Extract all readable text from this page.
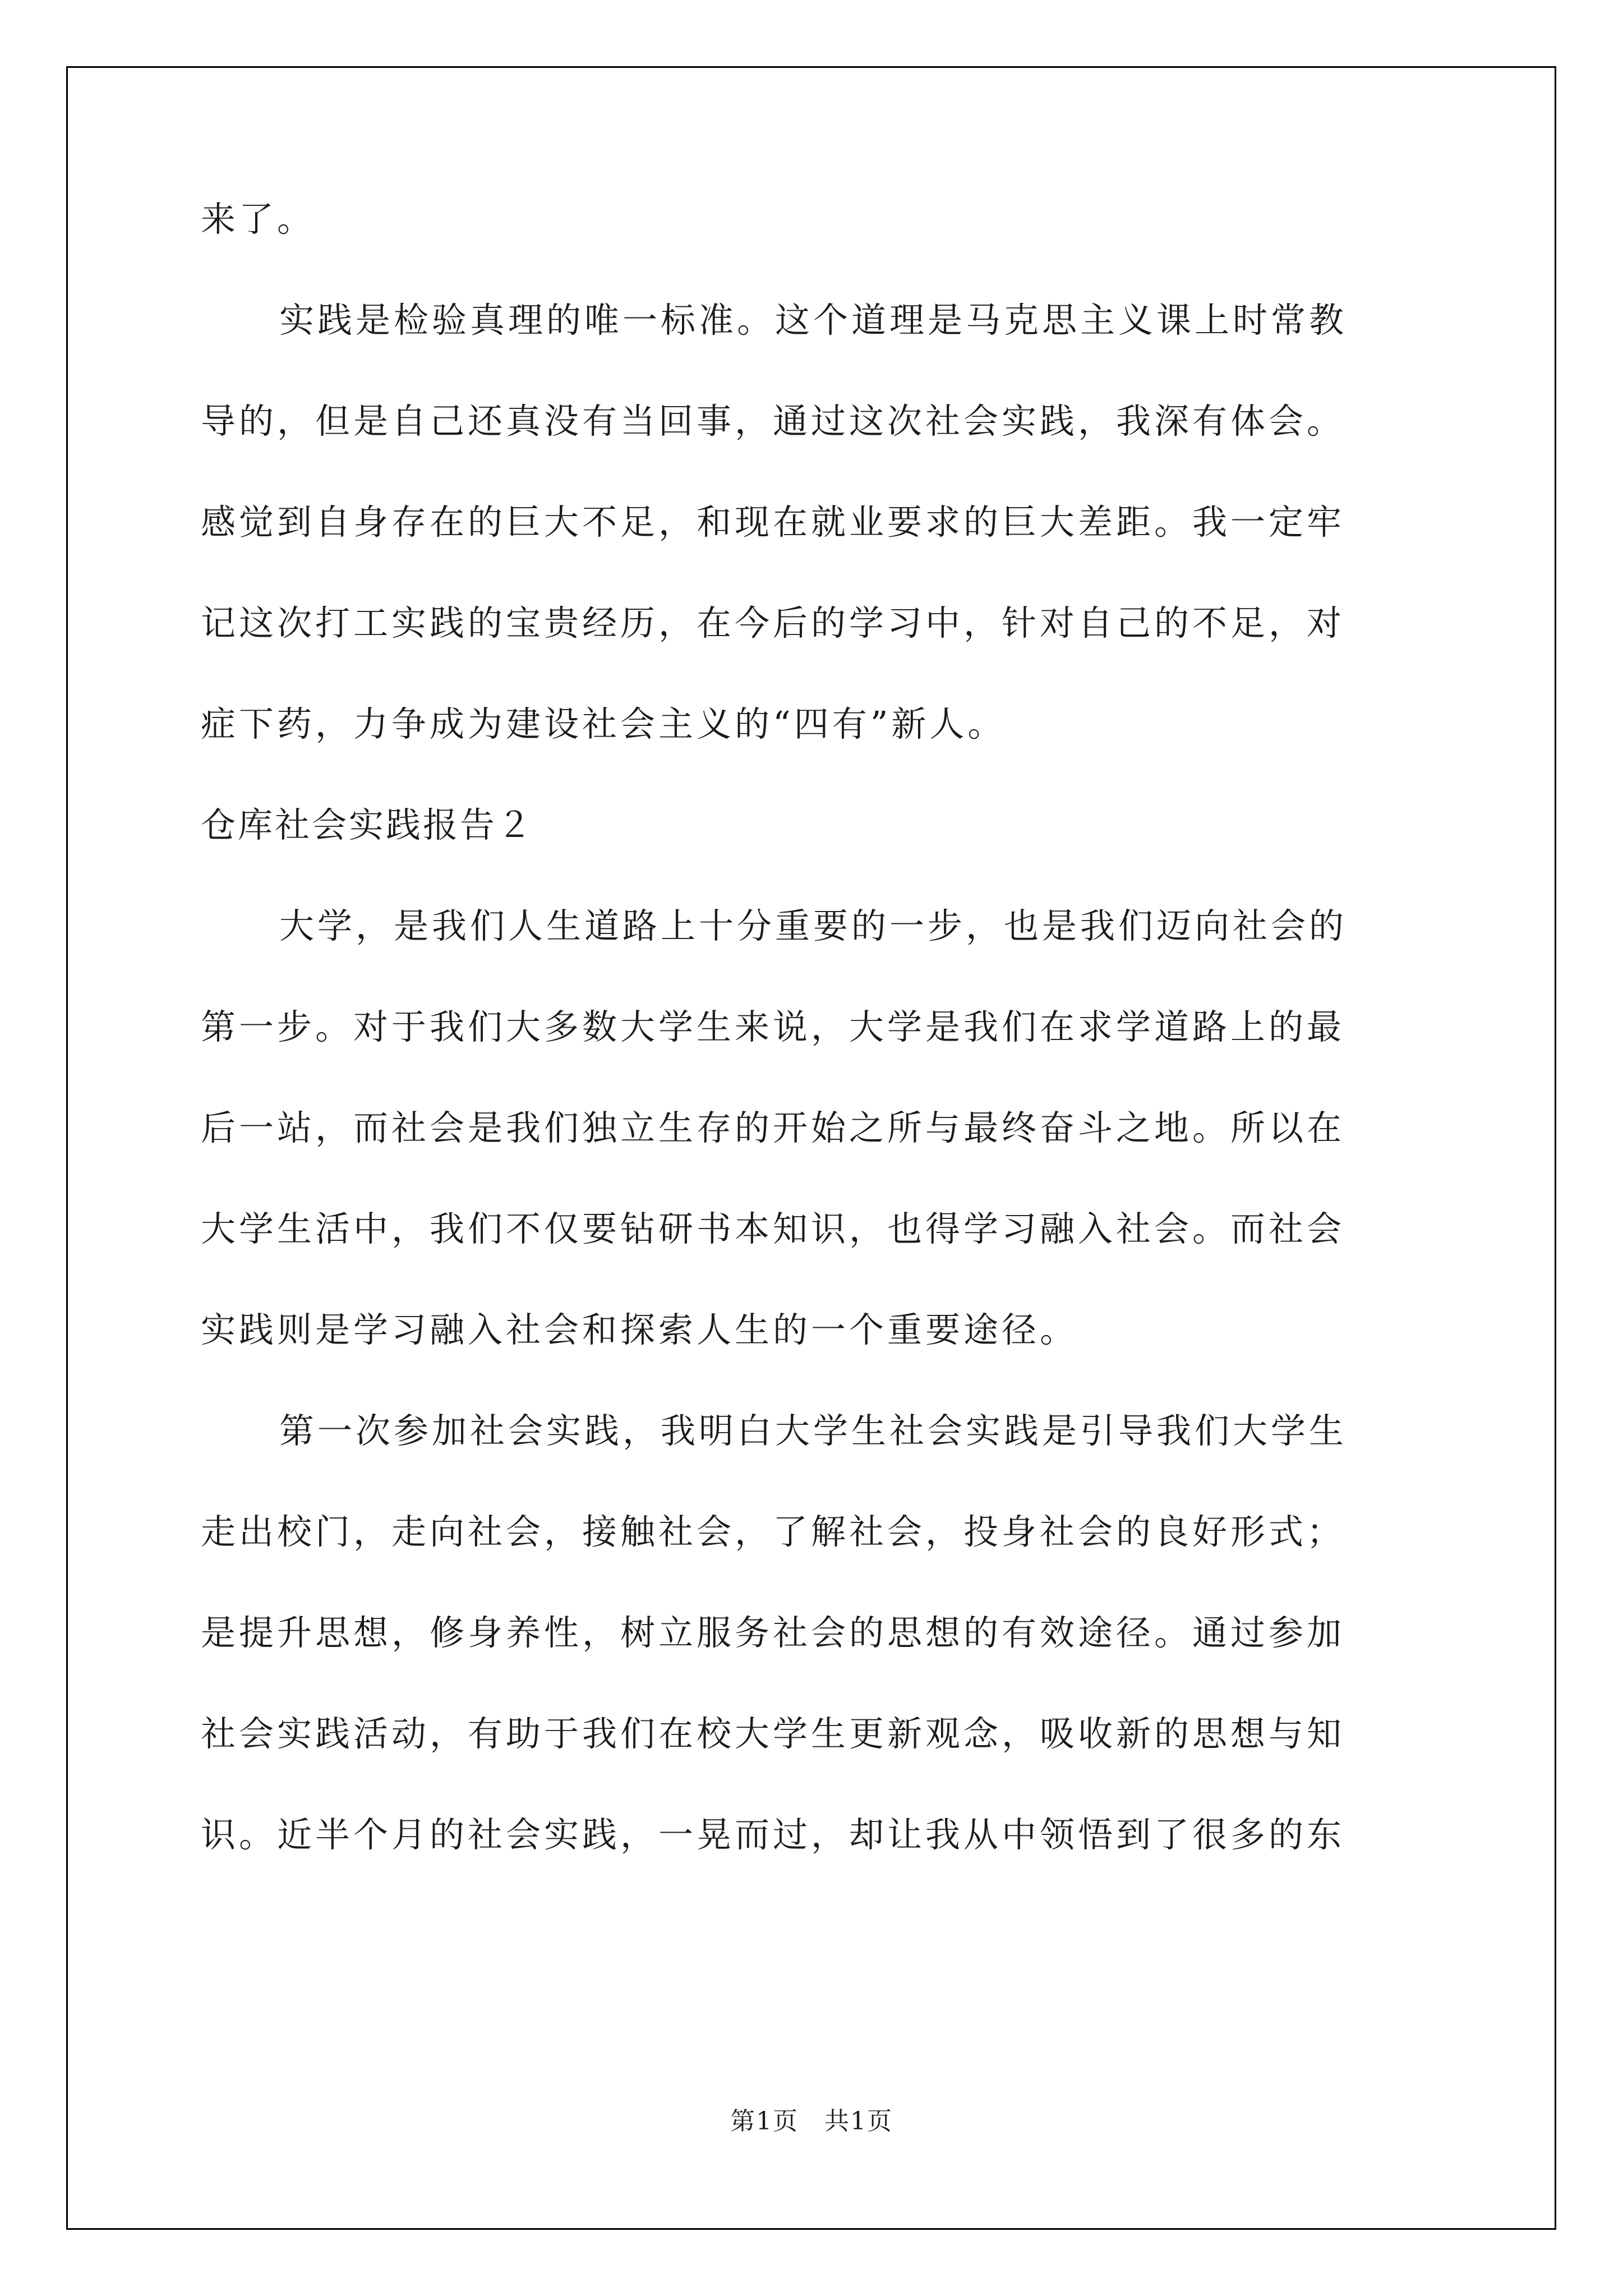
来了。
实践是检验真理的唯一标准。这个道理是马克思主义课上时常教
导的，但是自己还真没有当回事，通过这次社会实践，我深有体会。
感觉到自身存在的巨大不足，和现在就业要求的巨大差距。我一定牢
记这次打工实践的宝贵经历，在今后的学习中，针对自己的不足，对
症下药，力争成为建设社会主义的“四有”新人。
仓库社会实践报告２
大学，是我们人生道路上十分重要的一步，也是我们迈向社会的
第一步。对于我们大多数大学生来说，大学是我们在求学道路上的最
后一站，而社会是我们独立生存的开始之所与最终奋斗之地。所以在
大学生活中，我们不仅要钻研书本知识，也得学习融入社会。而社会
实践则是学习融入社会和探索人生的一个重要途径。
第一次参加社会实践，我明白大学生社会实践是引导我们大学生
走出校门，走向社会，接触社会，了解社会，投身社会的良好形式；
是提升思想，修身养性，树立服务社会的思想的有效途径。通过参加
社会实践活动，有助于我们在校大学生更新观念，吸收新的思想与知
识。近半个月的社会实践，一晃而过，却让我从中领悟到了很多的东
第1页　共1页
